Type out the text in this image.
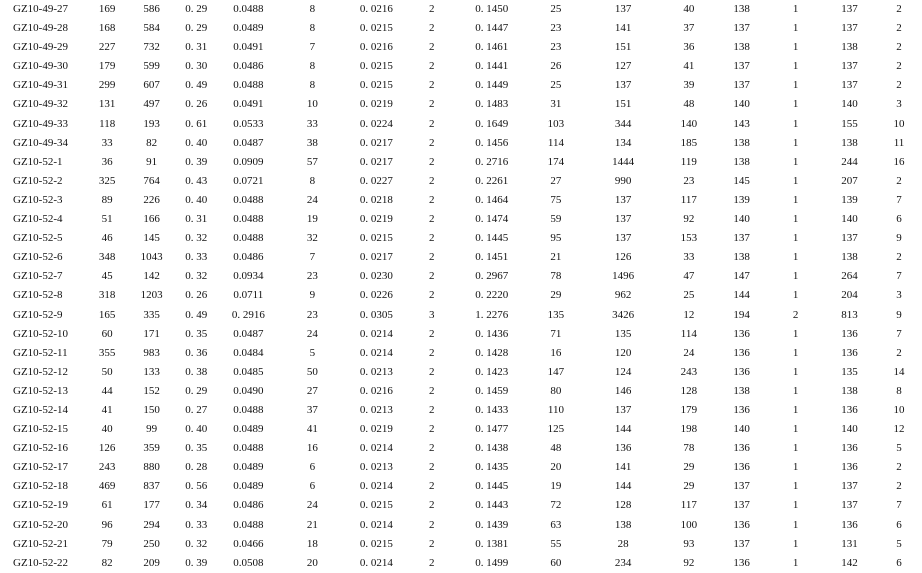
GZ10-49-27	169	586	0. 29	0.0488	8	0. 0216	2	0. 1450	25	137	40	138	1	137	2
GZ10-49-28	168	584	0. 29	0.0489	8	0. 0215	2	0. 1447	23	141	37	137	1	137	2
GZ10-49-29	227	732	0. 31	0.0491	7	0. 0216	2	0. 1461	23	151	36	138	1	138	2
GZ10-49-30	179	599	0. 30	0.0486	8	0. 0215	2	0. 1441	26	127	41	137	1	137	2
GZ10-49-31	299	607	0. 49	0.0488	8	0. 0215	2	0. 1449	25	137	39	137	1	137	2
GZ10-49-32	131	497	0. 26	0.0491	10	0. 0219	2	0. 1483	31	151	48	140	1	140	3
GZ10-49-33	118	193	0. 61	0.0533	33	0. 0224	2	0. 1649	103	344	140	143	1	155	10
GZ10-49-34	33	82	0. 40	0.0487	38	0. 0217	2	0. 1456	114	134	185	138	1	138	11
GZ10-52-1	36	91	0. 39	0.0909	57	0. 0217	2	0. 2716	174	1444	119	138	1	244	16
GZ10-52-2	325	764	0. 43	0.0721	8	0. 0227	2	0. 2261	27	990	23	145	1	207	2
GZ10-52-3	89	226	0. 40	0.0488	24	0. 0218	2	0. 1464	75	137	117	139	1	139	7
GZ10-52-4	51	166	0. 31	0.0488	19	0. 0219	2	0. 1474	59	137	92	140	1	140	6
GZ10-52-5	46	145	0. 32	0.0488	32	0. 0215	2	0. 1445	95	137	153	137	1	137	9
GZ10-52-6	348	1043	0. 33	0.0486	7	0. 0217	2	0. 1451	21	126	33	138	1	138	2
GZ10-52-7	45	142	0. 32	0.0934	23	0. 0230	2	0. 2967	78	1496	47	147	1	264	7
GZ10-52-8	318	1203	0. 26	0.0711	9	0. 0226	2	0. 2220	29	962	25	144	1	204	3
GZ10-52-9	165	335	0. 49	0. 2916	23	0. 0305	3	1. 2276	135	3426	12	194	2	813	9
GZ10-52-10	60	171	0. 35	0.0487	24	0. 0214	2	0. 1436	71	135	114	136	1	136	7
GZ10-52-11	355	983	0. 36	0.0484	5	0. 0214	2	0. 1428	16	120	24	136	1	136	2
GZ10-52-12	50	133	0. 38	0.0485	50	0. 0213	2	0. 1423	147	124	243	136	1	135	14
GZ10-52-13	44	152	0. 29	0.0490	27	0. 0216	2	0. 1459	80	146	128	138	1	138	8
GZ10-52-14	41	150	0. 27	0.0488	37	0. 0213	2	0. 1433	110	137	179	136	1	136	10
GZ10-52-15	40	99	0. 40	0.0489	41	0. 0219	2	0. 1477	125	144	198	140	1	140	12
GZ10-52-16	126	359	0. 35	0.0488	16	0. 0214	2	0. 1438	48	136	78	136	1	136	5
GZ10-52-17	243	880	0. 28	0.0489	6	0. 0213	2	0. 1435	20	141	29	136	1	136	2
GZ10-52-18	469	837	0. 56	0.0489	6	0. 0214	2	0. 1445	19	144	29	137	1	137	2
GZ10-52-19	61	177	0. 34	0.0486	24	0. 0215	2	0. 1443	72	128	117	137	1	137	7
GZ10-52-20	96	294	0. 33	0.0488	21	0. 0214	2	0. 1439	63	138	100	136	1	136	6
GZ10-52-21	79	250	0. 32	0.0466	18	0. 0215	2	0. 1381	55	28	93	137	1	131	5
GZ10-52-22	82	209	0. 39	0.0508	20	0. 0214	2	0. 1499	60	234	92	136	1	142	6
